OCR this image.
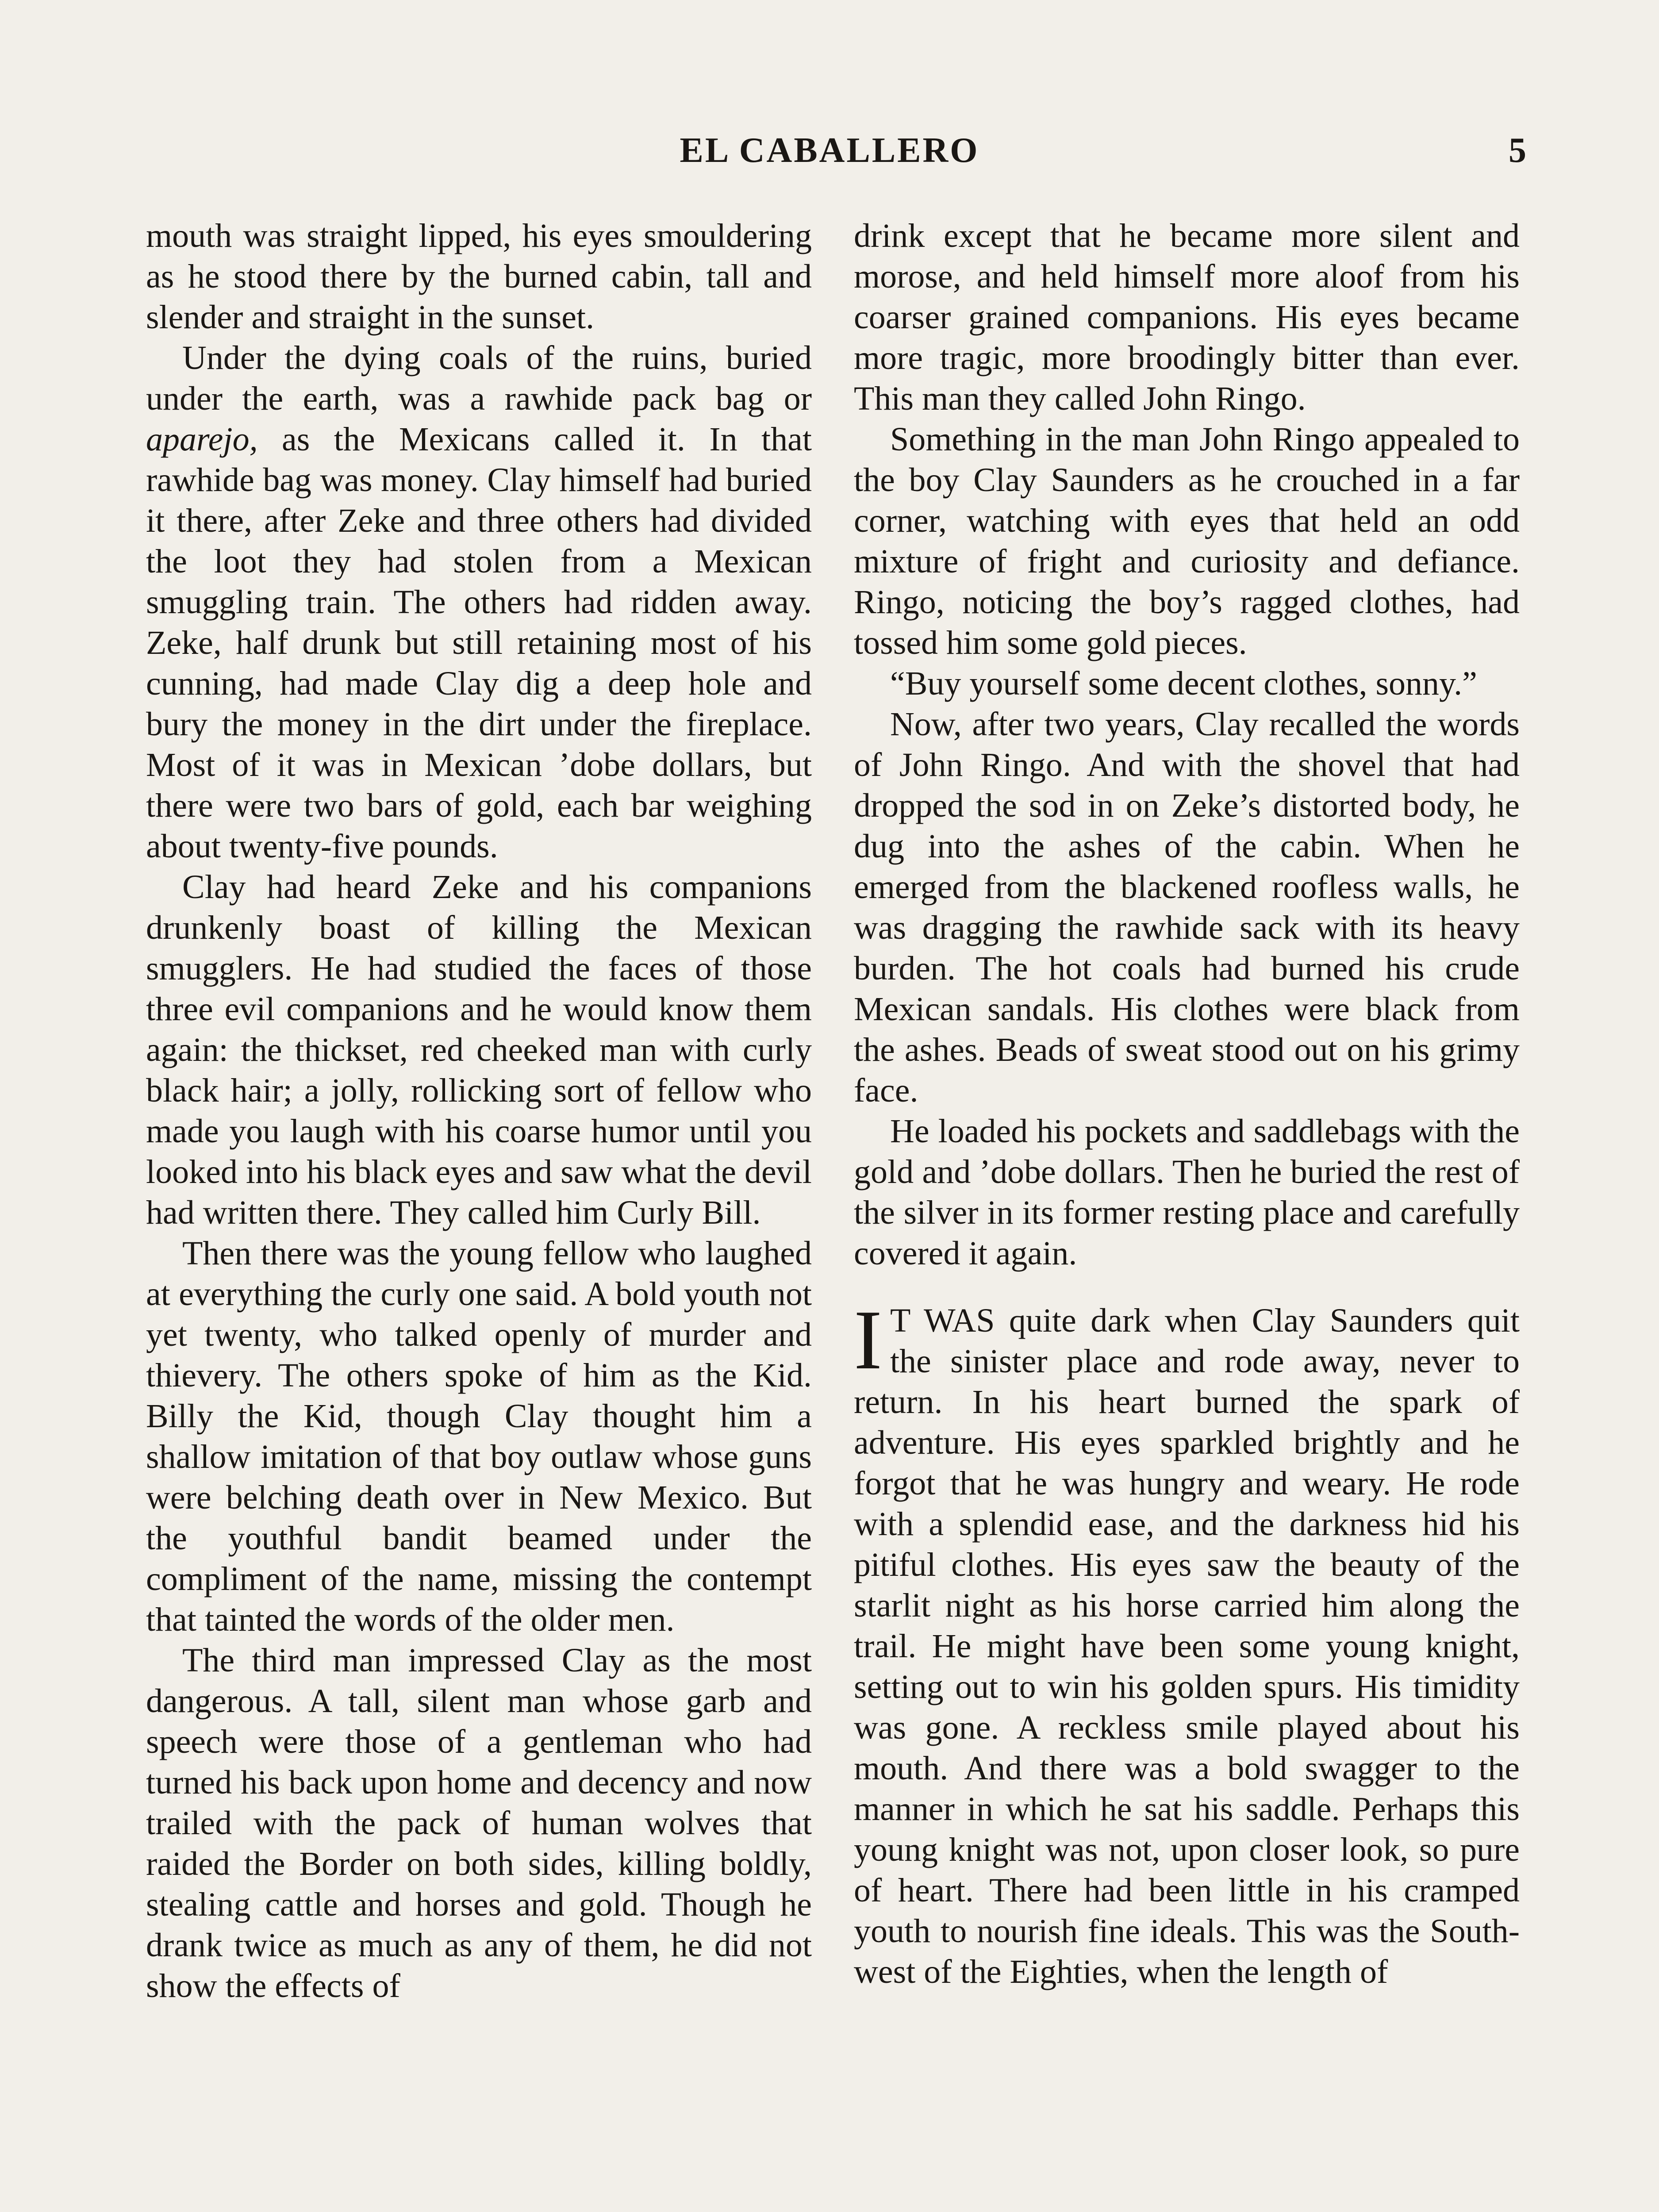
EL CABALLERO	5

mouth was straight lipped, his eyes smouldering as he stood there by the burned cabin, tall and slender and straight in the sunset.

Under the dying coals of the ruins, buried under the earth, was a rawhide pack bag or aparejo, as the Mexicans called it. In that rawhide bag was money. Clay himself had buried it there, after Zeke and three others had divided the loot they had stolen from a Mexican smuggling train. The others had ridden away. Zeke, half drunk but still retaining most of his cunning, had made Clay dig a deep hole and bury the money in the dirt under the fireplace. Most of it was in Mexican ’dobe dollars, but there were two bars of gold, each bar weighing about twenty-five pounds.

Clay had heard Zeke and his companions drunkenly boast of killing the Mexican smugglers. He had studied the faces of those three evil companions and he would know them again: the thickset, red cheeked man with curly black hair; a jolly, rollicking sort of fellow who made you laugh with his coarse humor until you looked into his black eyes and saw what the devil had written there. They called him Curly Bill.

Then there was the young fellow who laughed at everything the curly one said. A bold youth not yet twenty, who talked openly of murder and thievery. The others spoke of him as the Kid. Billy the Kid, though Clay thought him a shallow imitation of that boy outlaw whose guns were belching death over in New Mexico. But the youthful bandit beamed under the compliment of the name, missing the contempt that tainted the words of the older men.

The third man impressed Clay as the most dangerous. A tall, silent man whose garb and speech were those of a gentleman who had turned his back upon home and decency and now trailed with the pack of human wolves that raided the Border on both sides, killing boldly, stealing cattle and horses and gold. Though he drank twice as much as any of them, he did not show the effects of

drink except that he became more silent and morose, and held himself more aloof from his coarser grained companions. His eyes became more tragic, more broodingly bitter than ever. This man they called John Ringo.

Something in the man John Ringo appealed to the boy Clay Saunders as he crouched in a far corner, watching with eyes that held an odd mixture of fright and curiosity and defiance. Ringo, noticing the boy’s ragged clothes, had tossed him some gold pieces.

“Buy yourself some decent clothes, sonny.”

Now, after two years, Clay recalled the words of John Ringo. And with the shovel that had dropped the sod in on Zeke’s distorted body, he dug into the ashes of the cabin. When he emerged from the blackened roofless walls, he was dragging the rawhide sack with its heavy burden. The hot coals had burned his crude Mexican sandals. His clothes were black from the ashes. Beads of sweat stood out on his grimy face.

He loaded his pockets and saddlebags with the gold and ’dobe dollars. Then he buried the rest of the silver in its former resting place and carefully covered it again.

I T WAS quite dark when Clay Saunders quit the sinister place and rode away, never to return. In his heart burned the spark of adventure. His eyes sparkled brightly and he forgot that he was hungry and weary. He rode with a splendid ease, and the darkness hid his pitiful clothes. His eyes saw the beauty of the starlit night as his horse carried him along the trail. He might have been some young knight, setting out to win his golden spurs. His timidity was gone. A reckless smile played about his mouth. And there was a bold swagger to the manner in which he sat his saddle. Perhaps this young knight was not, upon closer look, so pure of heart. There had been little in his cramped youth to nourish fine ideals. This was the Southwest of the Eighties, when the length of
